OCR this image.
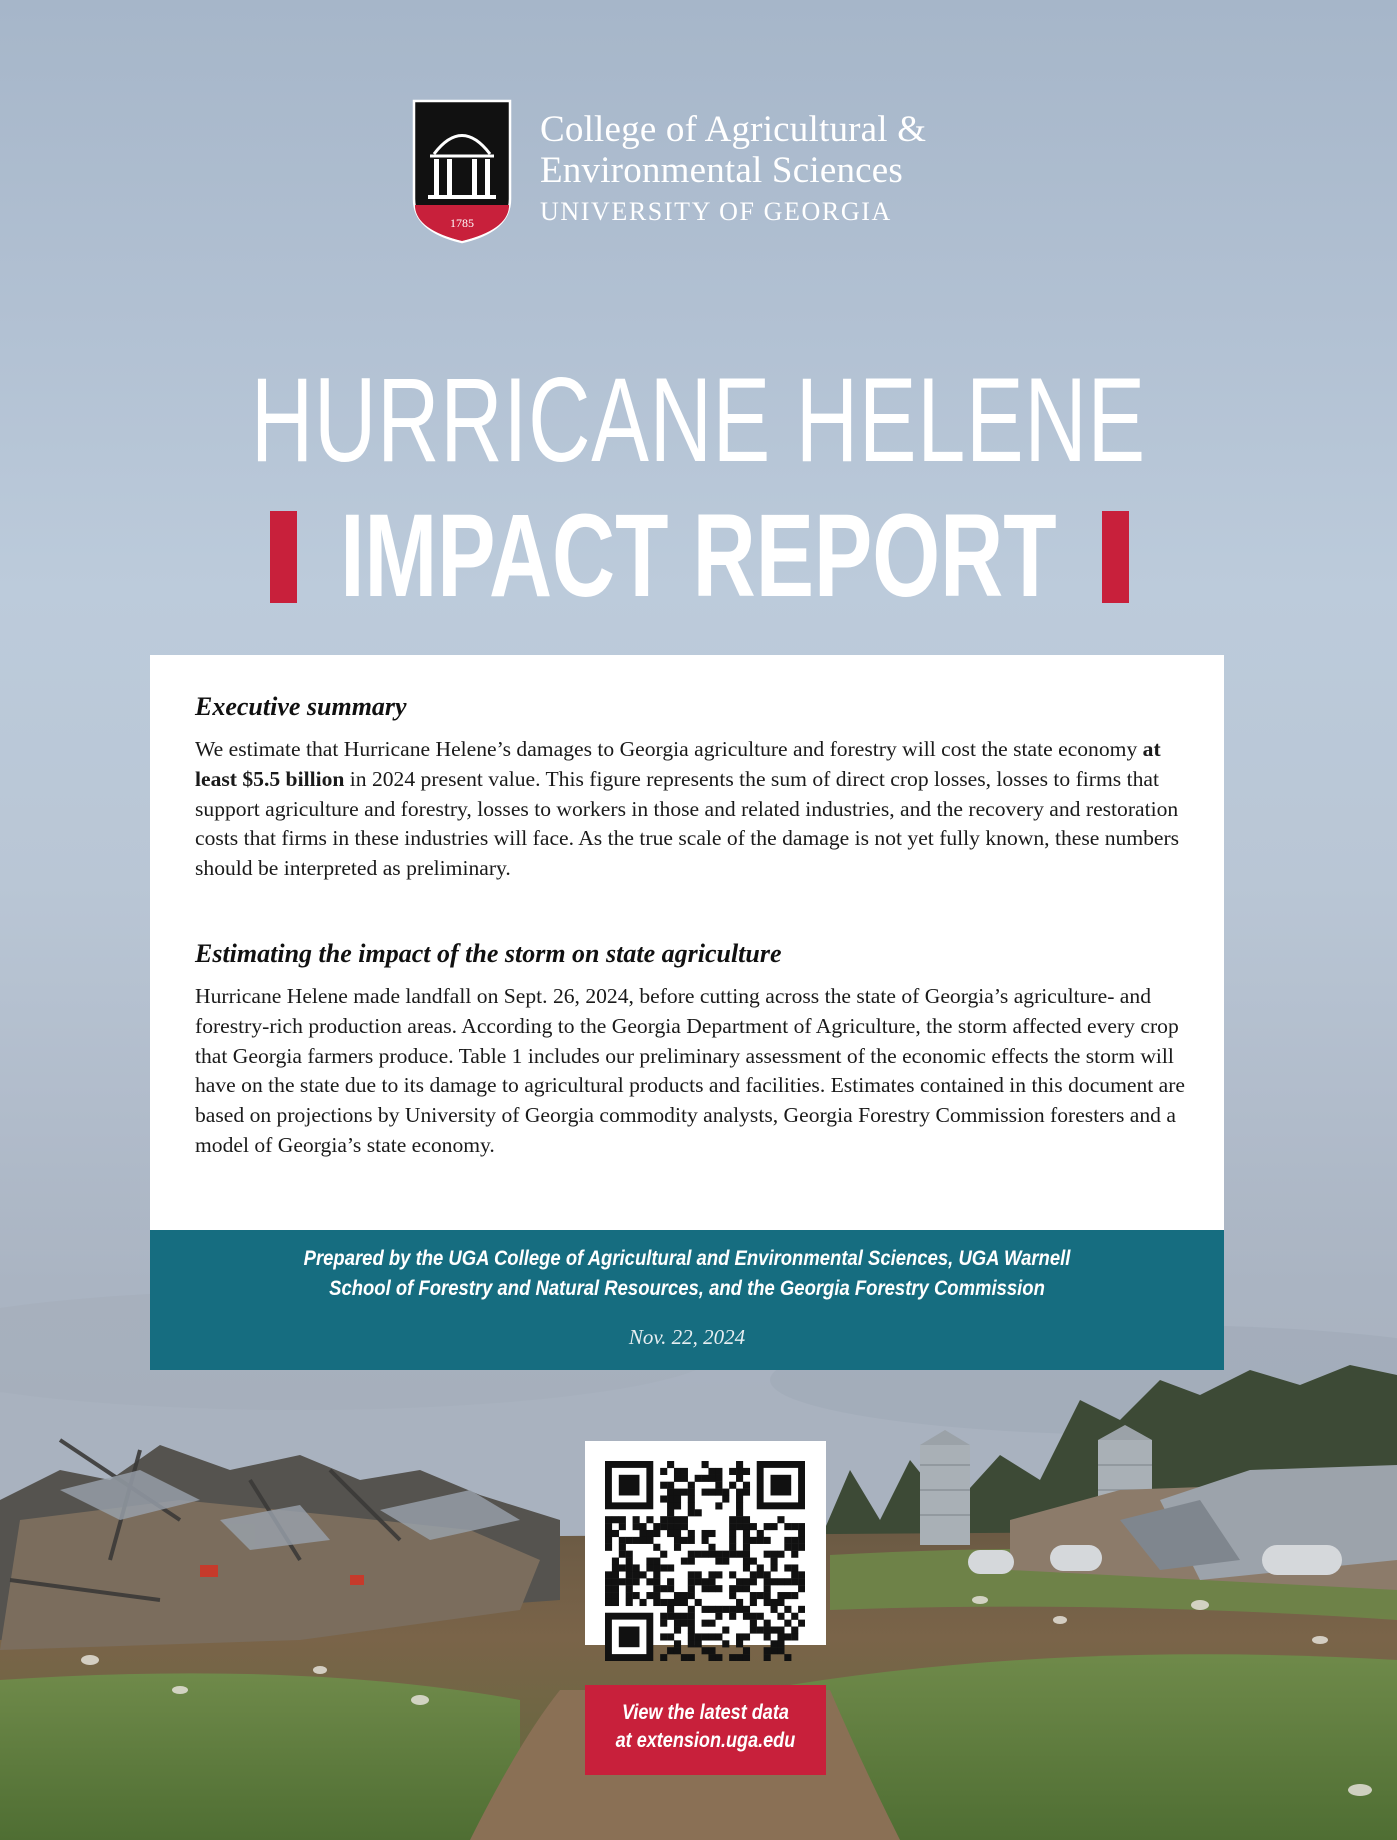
1785
College of Agricultural &
Environmental Sciences
UNIVERSITY OF GEORGIA
HURRICANE HELENE
IMPACT REPORT
Executive summary
We estimate that Hurricane Helene’s damages to Georgia agriculture and forestry will cost the state economy at least $5.5 billion in 2024 present value. This figure represents the sum of direct crop losses, losses to firms that support agriculture and forestry, losses to workers in those and related industries, and the recovery and restoration costs that firms in these industries will face. As the true scale of the damage is not yet fully known, these numbers should be interpreted as preliminary.
Estimating the impact of the storm on state agriculture
Hurricane Helene made landfall on Sept. 26, 2024, before cutting across the state of Georgia’s agriculture- and forestry-rich production areas. According to the Georgia Department of Agriculture, the storm affected every crop that Georgia farmers produce. Table 1 includes our preliminary assessment of the economic effects the storm will have on the state due to its damage to agricultural products and facilities. Estimates contained in this document are based on projections by University of Georgia commodity analysts, Georgia Forestry Commission foresters and a model of Georgia’s state economy.
Prepared by the UGA College of Agricultural and Environmental Sciences, UGA Warnell
School of Forestry and Natural Resources, and the Georgia Forestry Commission
Nov. 22, 2024
View the latest data
at extension.uga.edu
